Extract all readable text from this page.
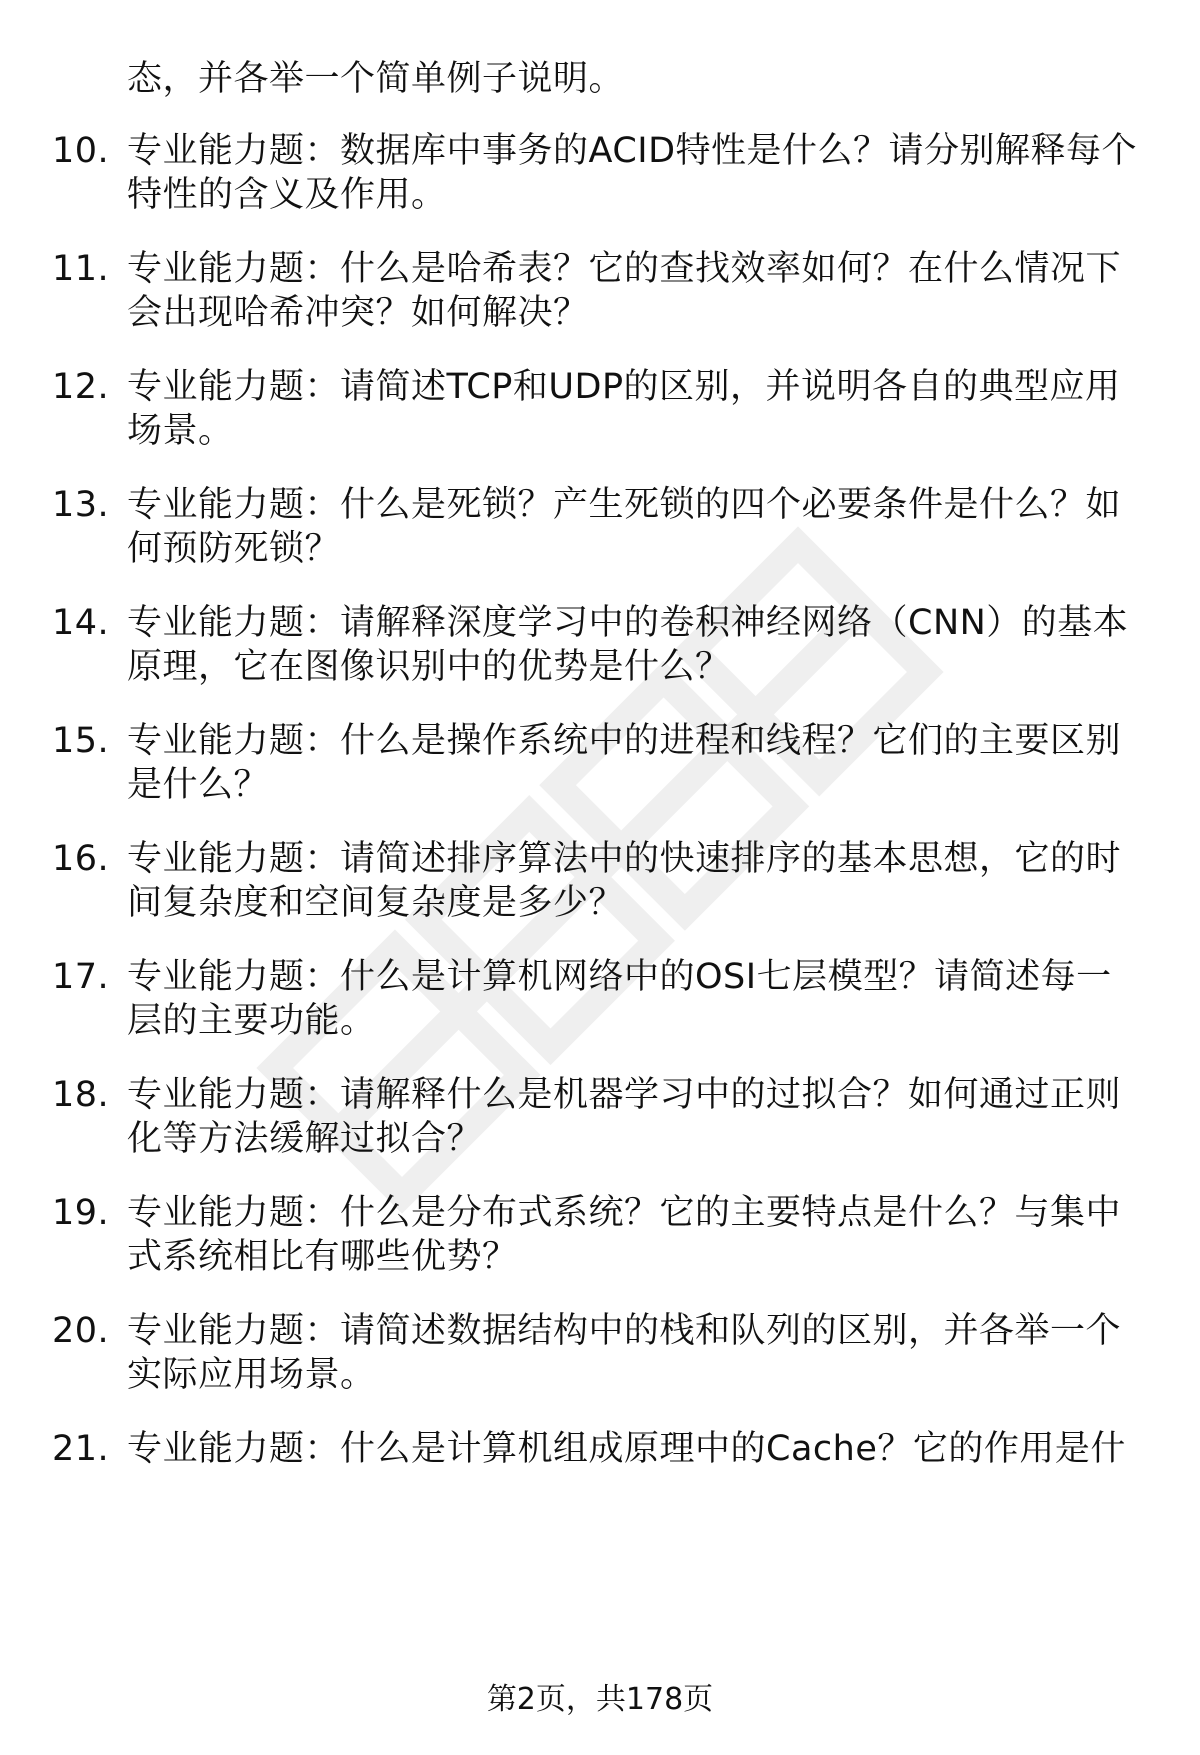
态，并各举一个简单例子说明。
10. 专业能力题：数据库中事务的ACID特性是什么？请分别解释每个
特性的含义及作用。
11. 专业能力题：什么是哈希表？它的查找效率如何？在什么情况下
会出现哈希冲突？如何解决？
12. 专业能力题：请简述TCP和UDP的区别，并说明各自的典型应用
场景。
13. 专业能力题：什么是死锁？产生死锁的四个必要条件是什么？如
何预防死锁？
14. 专业能力题：请解释深度学习中的卷积神经网络（CNN）的基本
原理，它在图像识别中的优势是什么？
15. 专业能力题：什么是操作系统中的进程和线程？它们的主要区别
是什么？
16. 专业能力题：请简述排序算法中的快速排序的基本思想，它的时
间复杂度和空间复杂度是多少？
17. 专业能力题：什么是计算机网络中的OSI七层模型？请简述每一
层的主要功能。
18. 专业能力题：请解释什么是机器学习中的过拟合？如何通过正则
化等方法缓解过拟合？
19. 专业能力题：什么是分布式系统？它的主要特点是什么？与集中
式系统相比有哪些优势？
20. 专业能力题：请简述数据结构中的栈和队列的区别，并各举一个
实际应用场景。
21. 专业能力题：什么是计算机组成原理中的Cache？它的作用是什
第2页，共178页
